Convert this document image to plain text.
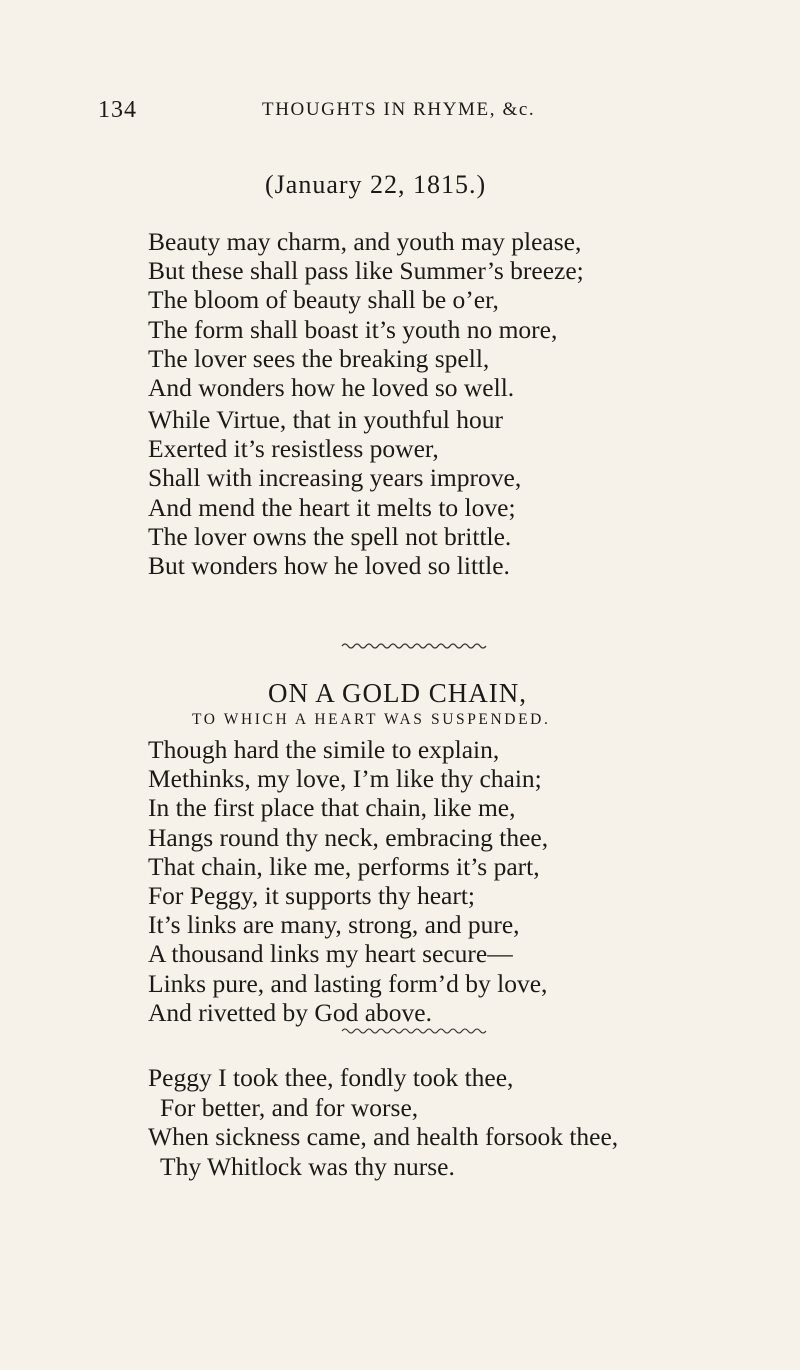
134	THOUGHTS IN RHYME, &c.
(January 22, 1815.)
Beauty may charm, and youth may please,
But these shall pass like Summer’s breeze;
The bloom of beauty shall be o’er,
The form shall boast it’s youth no more,
The lover sees the breaking spell,
And wonders how he loved so well.
While Virtue, that in youthful hour
Exerted it’s resistless power,
Shall with increasing years improve,
And mend the heart it melts to love;
The lover owns the spell not brittle.
But wonders how he loved so little.
ON A GOLD CHAIN,
TO WHICH A HEART WAS SUSPENDED.
Though hard the simile to explain,
Methinks, my love, I’m like thy chain;
In the first place that chain, like me,
Hangs round thy neck, embracing thee,
That chain, like me, performs it’s part,
For Peggy, it supports thy heart;
It’s links are many, strong, and pure,
A thousand links my heart secure—
Links pure, and lasting form’d by love,
And rivetted by God above.
Peggy I took thee, fondly took thee,
For better, and for worse,
When sickness came, and health forsook thee,
Thy Whitlock was thy nurse.
